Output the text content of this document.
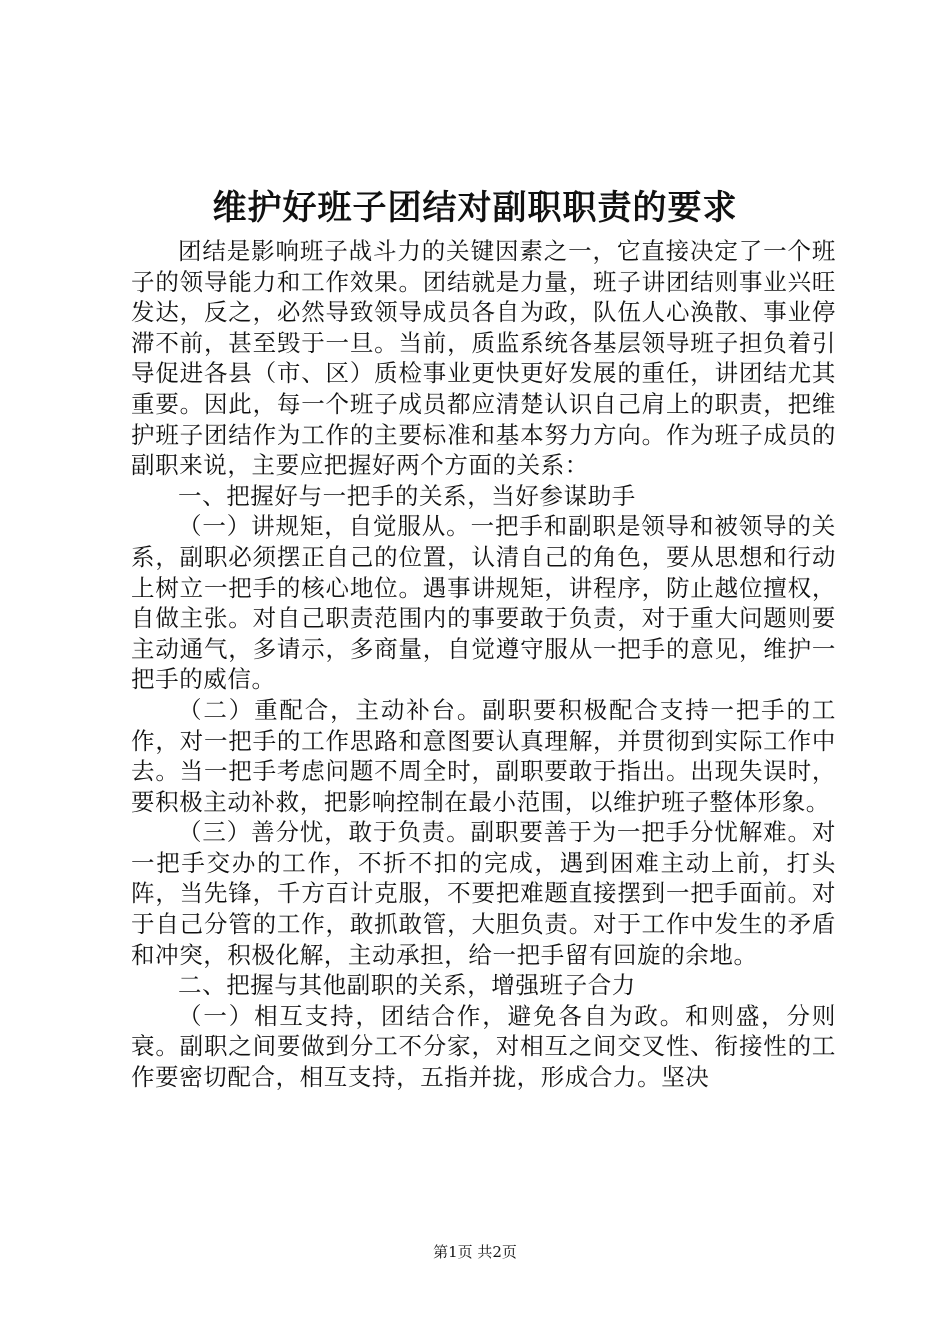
维护好班子团结对副职职责的要求

团结是影响班子战斗力的关键因素之一，它直接决定了一个班子的领导能力和工作效果。团结就是力量，班子讲团结则事业兴旺发达，反之，必然导致领导成员各自为政，队伍人心涣散、事业停滞不前，甚至毁于一旦。当前，质监系统各基层领导班子担负着引导促进各县（市、区）质检事业更快更好发展的重任，讲团结尤其重要。因此，每一个班子成员都应清楚认识自己肩上的职责，把维护班子团结作为工作的主要标准和基本努力方向。作为班子成员的副职来说，主要应把握好两个方面的关系：

一、把握好与一把手的关系，当好参谋助手

（一）讲规矩，自觉服从。一把手和副职是领导和被领导的关系，副职必须摆正自己的位置，认清自己的角色，要从思想和行动上树立一把手的核心地位。遇事讲规矩，讲程序，防止越位擅权，自做主张。对自己职责范围内的事要敢于负责，对于重大问题则要主动通气，多请示，多商量，自觉遵守服从一把手的意见，维护一把手的威信。

（二）重配合，主动补台。副职要积极配合支持一把手的工作，对一把手的工作思路和意图要认真理解，并贯彻到实际工作中去。当一把手考虑问题不周全时，副职要敢于指出。出现失误时，要积极主动补救，把影响控制在最小范围，以维护班子整体形象。

（三）善分忧，敢于负责。副职要善于为一把手分忧解难。对一把手交办的工作，不折不扣的完成，遇到困难主动上前，打头阵，当先锋，千方百计克服，不要把难题直接摆到一把手面前。对于自己分管的工作，敢抓敢管，大胆负责。对于工作中发生的矛盾和冲突，积极化解，主动承担，给一把手留有回旋的余地。

二、把握与其他副职的关系，增强班子合力

（一）相互支持，团结合作，避免各自为政。和则盛，分则衰。副职之间要做到分工不分家，对相互之间交叉性、衔接性的工作要密切配合，相互支持，五指并拢，形成合力。坚决

第1页 共2页
